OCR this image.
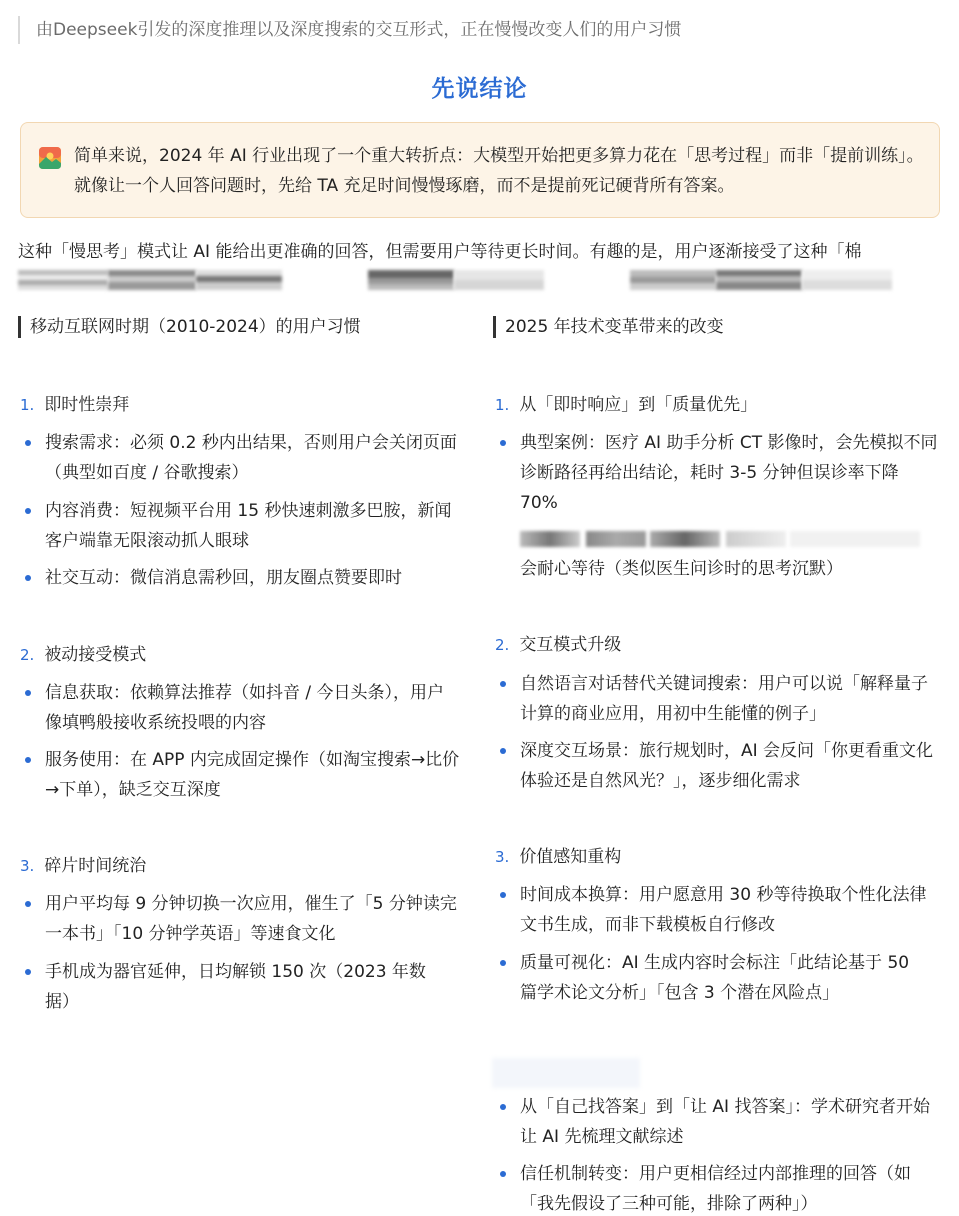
由Deepseek引发的深度推理以及深度搜索的交互形式，正在慢慢改变人们的用户习惯
先说结论
简单来说，2024 年 AI 行业出现了一个重大转折点：大模型开始把更多算力花在「思考过程」而非「提前训练」。就像让一个人回答问题时，先给 TA 充足时间慢慢琢磨，而不是提前死记硬背所有答案。
这种「慢思考」模式让 AI 能给出更准确的回答，但需要用户等待更长时间。有趣的是，用户逐渐接受了这种「棉
移动互联网时期（2010-2024）的用户习惯	2025 年技术变革带来的改变
1. 即时性崇拜
搜索需求：必须 0.2 秒内出结果，否则用户会关闭页面（典型如百度 / 谷歌搜索）
内容消费：短视频平台用 15 秒快速刺激多巴胺，新闻客户端靠无限滚动抓人眼球
社交互动：微信消息需秒回，朋友圈点赞要即时
2. 被动接受模式
信息获取：依赖算法推荐（如抖音 / 今日头条），用户像填鸭般接收系统投喂的内容
服务使用：在 APP 内完成固定操作（如淘宝搜索→比价→下单），缺乏交互深度
3. 碎片时间统治
用户平均每 9 分钟切换一次应用，催生了「5 分钟读完一本书」「10 分钟学英语」等速食文化
手机成为器官延伸，日均解锁 150 次（2023 年数据）
1. 从「即时响应」到「质量优先」
典型案例：医疗 AI 助手分析 CT 影像时，会先模拟不同诊断路径再给出结论，耗时 3-5 分钟但误诊率下降 70%
会耐心等待（类似医生问诊时的思考沉默）
2. 交互模式升级
自然语言对话替代关键词搜索：用户可以说「解释量子计算的商业应用，用初中生能懂的例子」
深度交互场景：旅行规划时，AI 会反问「你更看重文化体验还是自然风光？」，逐步细化需求
3. 价值感知重构
时间成本换算：用户愿意用 30 秒等待换取个性化法律文书生成，而非下载模板自行修改
质量可视化：AI 生成内容时会标注「此结论基于 50 篇学术论文分析」「包含 3 个潜在风险点」
从「自己找答案」到「让 AI 找答案」：学术研究者开始让 AI 先梳理文献综述
信任机制转变：用户更相信经过内部推理的回答（如「我先假设了三种可能，排除了两种」）
